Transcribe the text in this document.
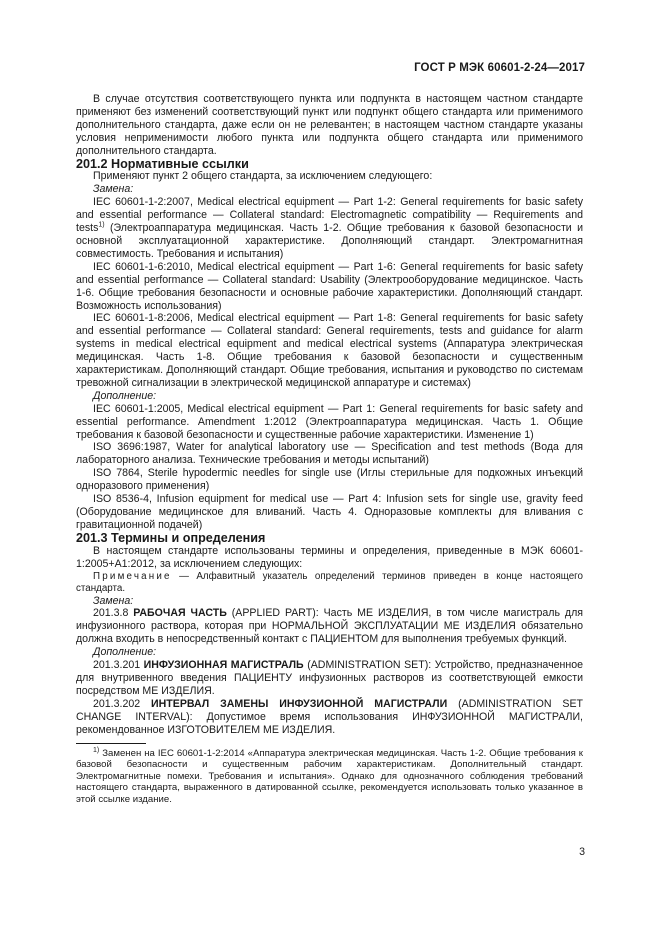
ГОСТ Р МЭК 60601-2-24—2017

В случае отсутствия соответствующего пункта или подпункта в настоящем частном стандарте применяют без изменений соответствующий пункт или подпункт общего стандарта или применимого дополнительного стандарта, даже если он не релевантен; в настоящем частном стандарте указаны условия неприменимости любого пункта или подпункта общего стандарта или применимого дополнительного стандарта.

201.2 Нормативные ссылки

Применяют пункт 2 общего стандарта, за исключением следующего:

Замена:

IEC 60601-1-2:2007, Medical electrical equipment — Part 1-2: General requirements for basic safety and essential performance — Collateral standard: Electromagnetic compatibility — Requirements and tests$^{1)}$ (Электроаппаратура медицинская. Часть 1-2. Общие требования к базовой безопасности и основной эксплуатационной характеристике. Дополняющий стандарт. Электромагнитная совместимость. Требования и испытания)

IEC 60601-1-6:2010, Medical electrical equipment — Part 1-6: General requirements for basic safety and essential performance — Collateral standard: Usability (Электрооборудование медицинское. Часть 1-6. Общие требования безопасности и основные рабочие характеристики. Дополняющий стандарт. Возможность использования)

IEC 60601-1-8:2006, Medical electrical equipment — Part 1-8: General requirements for basic safety and essential performance — Collateral standard: General requirements, tests and guidance for alarm systems in medical electrical equipment and medical electrical systems (Аппаратура электрическая медицинская. Часть 1-8. Общие требования к базовой безопасности и существенным характеристикам. Дополняющий стандарт. Общие требования, испытания и руководство по системам тревожной сигнализации в электрической медицинской аппаратуре и системах)

Дополнение:

IEC 60601-1:2005, Medical electrical equipment — Part 1: General requirements for basic safety and essential performance. Amendment 1:2012 (Электроаппаратура медицинская. Часть 1. Общие требования к базовой безопасности и существенные рабочие характеристики. Изменение 1)

ISO 3696:1987, Water for analytical laboratory use — Specification and test methods (Вода для лабораторного анализа. Технические требования и методы испытаний)

ISO 7864, Sterile hypodermic needles for single use (Иглы стерильные для подкожных инъекций одноразового применения)

ISO 8536-4, Infusion equipment for medical use — Part 4: Infusion sets for single use, gravity feed (Оборудование медицинское для вливаний. Часть 4. Одноразовые комплекты для вливания с гравитационной подачей)

201.3 Термины и определения

В настоящем стандарте использованы термины и определения, приведенные в МЭК 60601-1:2005+А1:2012, за исключением следующих:

Примечание — Алфавитный указатель определений терминов приведен в конце настоящего стандарта.

Замена:

201.3.8 РАБОЧАЯ ЧАСТЬ (APPLIED PART): Часть МЕ ИЗДЕЛИЯ, в том числе магистраль для инфузионного раствора, которая при НОРМАЛЬНОЙ ЭКСПЛУАТАЦИИ МЕ ИЗДЕЛИЯ обязательно должна входить в непосредственный контакт с ПАЦИЕНТОМ для выполнения требуемых функций.

Дополнение:

201.3.201 ИНФУЗИОННАЯ МАГИСТРАЛЬ (ADMINISTRATION SET): Устройство, предназначенное для внутривенного введения ПАЦИЕНТУ инфузионных растворов из соответствующей емкости посредством МЕ ИЗДЕЛИЯ.

201.3.202 ИНТЕРВАЛ ЗАМЕНЫ ИНФУЗИОННОЙ МАГИСТРАЛИ (ADMINISTRATION SET CHANGE INTERVAL): Допустимое время использования ИНФУЗИОННОЙ МАГИСТРАЛИ, рекомендованное ИЗГОТОВИТЕЛЕМ МЕ ИЗДЕЛИЯ.

$^{1)}$ Заменен на IEC 60601-1-2:2014 «Аппаратура электрическая медицинская. Часть 1-2. Общие требования к базовой безопасности и существенным рабочим характеристикам. Дополнительный стандарт. Электромагнитные помехи. Требования и испытания». Однако для однозначного соблюдения требований настоящего стандарта, выраженного в датированной ссылке, рекомендуется использовать только указанное в этой ссылке издание.

3
